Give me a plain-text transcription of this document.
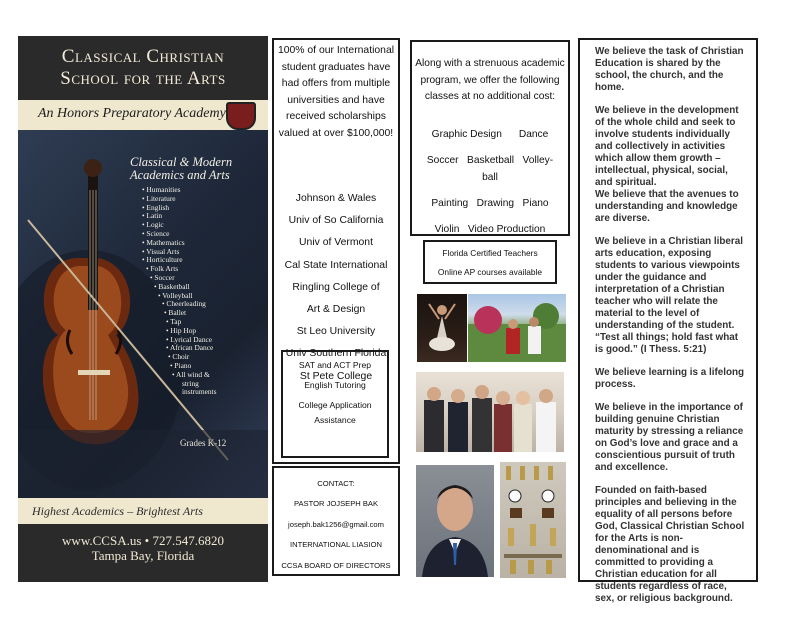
Classical Christian
School for the Arts
An Honors Preparatory Academy
Classical & Modern
Academics and Arts
• Humanities
• Literature
• English
• Latin
• Logic
• Science
• Mathematics
• Visual Arts
• Horticulture
• Folk Arts
• Soccer
• Basketball
• Volleyball
• Cheerleading
• Ballet
• Tap
• Hip Hop
• Lyrical Dance
• African Dance
• Choir
• Piano
• All wind &
string
instruments
Grades K-12
Highest Academics – Brightest Arts
www.CCSA.us • 727.547.6820
Tampa Bay, Florida
100% of our International student graduates have had offers from multiple universities and have received scholarships valued at over $100,000!
Johnson & Wales
Univ of So California
Univ of Vermont
Cal State International
Ringling College of
Art & Design
St Leo University
Univ Southern Florida
St Pete College
SAT and ACT Prep
English Tutoring
College Application
Assistance
CONTACT:
PASTOR JOJSEPH BAK
joseph.bak1256@gmail.com
INTERNATIONAL LIASION
CCSA BOARD OF DIRECTORS
Along with a strenuous academic program, we offer the following classes at no additional cost:
Graphic Design      Dance
Soccer   Basketball   Volley-
ball
Painting   Drawing   Piano
Violin   Video Production
Florida Certified Teachers
Online AP courses available

We believe the task of Christian Education is shared by the school, the church, and the home.

We believe in the development of the whole child and seek to involve students individually and collectively in activities which allow them growth – intellectual, physical, social, and spiritual.

We believe that the avenues to understanding and knowledge are diverse.

We believe in a Christian liberal arts education, exposing students to various viewpoints under the guidance and interpretation of a Christian teacher who will relate the material to the level of understanding of the student. “Test all things; hold fast what is good.” (I Thess. 5:21)

We believe learning is a lifelong process.

We believe in the importance of building genuine Christian maturity by stressing a reliance on God’s love and grace and a conscientious pursuit of truth and excellence.

Founded on faith-based principles and believing in the equality of all persons before God, Classical Christian School for the Arts is non-denominational and is committed to providing a Christian education for all students regardless of race, sex, or religious background.
